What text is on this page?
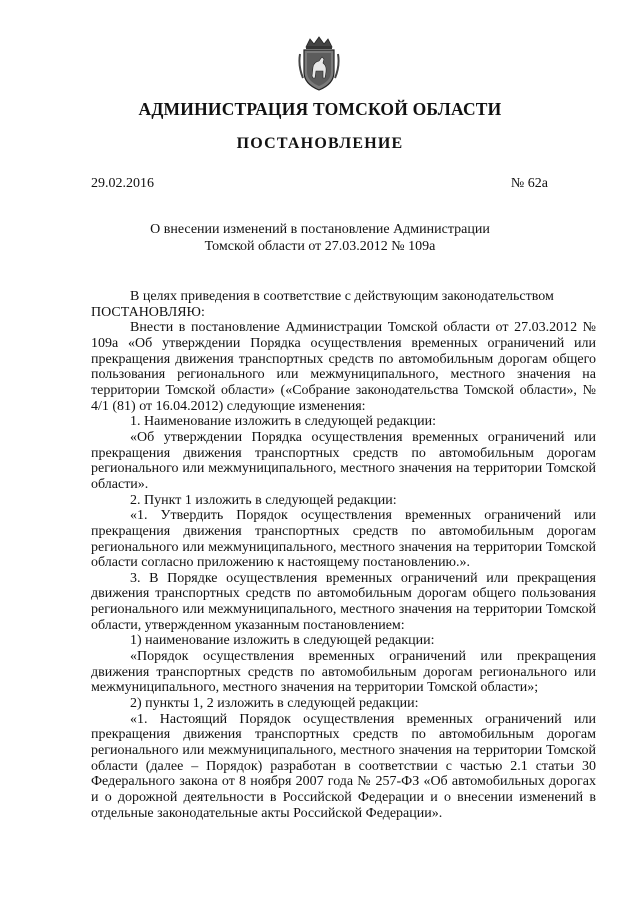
АДМИНИСТРАЦИЯ ТОМСКОЙ ОБЛАСТИ
ПОСТАНОВЛЕНИЕ
29.02.2016	№ 62а
О внесении изменений в постановление Администрации
Томской области от 27.03.2012 № 109а

В целях приведения в соответствие с действующим законодательством

ПОСТАНОВЛЯЮ:

Внести в постановление Администрации Томской области от 27.03.2012 № 109а «Об утверждении Порядка осуществления временных ограничений или прекращения движения транспортных средств по автомобильным дорогам общего пользования регионального или межмуниципального, местного значения на территории Томской области» («Собрание законодательства Томской области», № 4/1 (81) от 16.04.2012) следующие изменения:

1. Наименование изложить в следующей редакции:

«Об утверждении Порядка осуществления временных ограничений или прекращения движения транспортных средств по автомобильным дорогам регионального или межмуниципального, местного значения на территории Томской области».

2. Пункт 1 изложить в следующей редакции:

«1. Утвердить Порядок осуществления временных ограничений или прекращения движения транспортных средств по автомобильным дорогам регионального или межмуниципального, местного значения на территории Томской области согласно приложению к настоящему постановлению.».

3. В Порядке осуществления временных ограничений или прекращения движения транспортных средств по автомобильным дорогам общего пользования регионального или межмуниципального, местного значения на территории Томской области, утвержденном указанным постановлением:

1) наименование изложить в следующей редакции:

«Порядок осуществления временных ограничений или прекращения движения транспортных средств по автомобильным дорогам регионального или межмуниципального, местного значения на территории Томской области»;

2) пункты 1, 2 изложить в следующей редакции:

«1. Настоящий Порядок осуществления временных ограничений или прекращения движения транспортных средств по автомобильным дорогам регионального или межмуниципального, местного значения на территории Томской области (далее – Порядок) разработан в соответствии с частью 2.1 статьи 30 Федерального закона от 8 ноября 2007 года № 257-ФЗ «Об автомобильных дорогах и о дорожной деятельности в Российской Федерации и о внесении изменений в отдельные законодательные акты Российской Федерации».
